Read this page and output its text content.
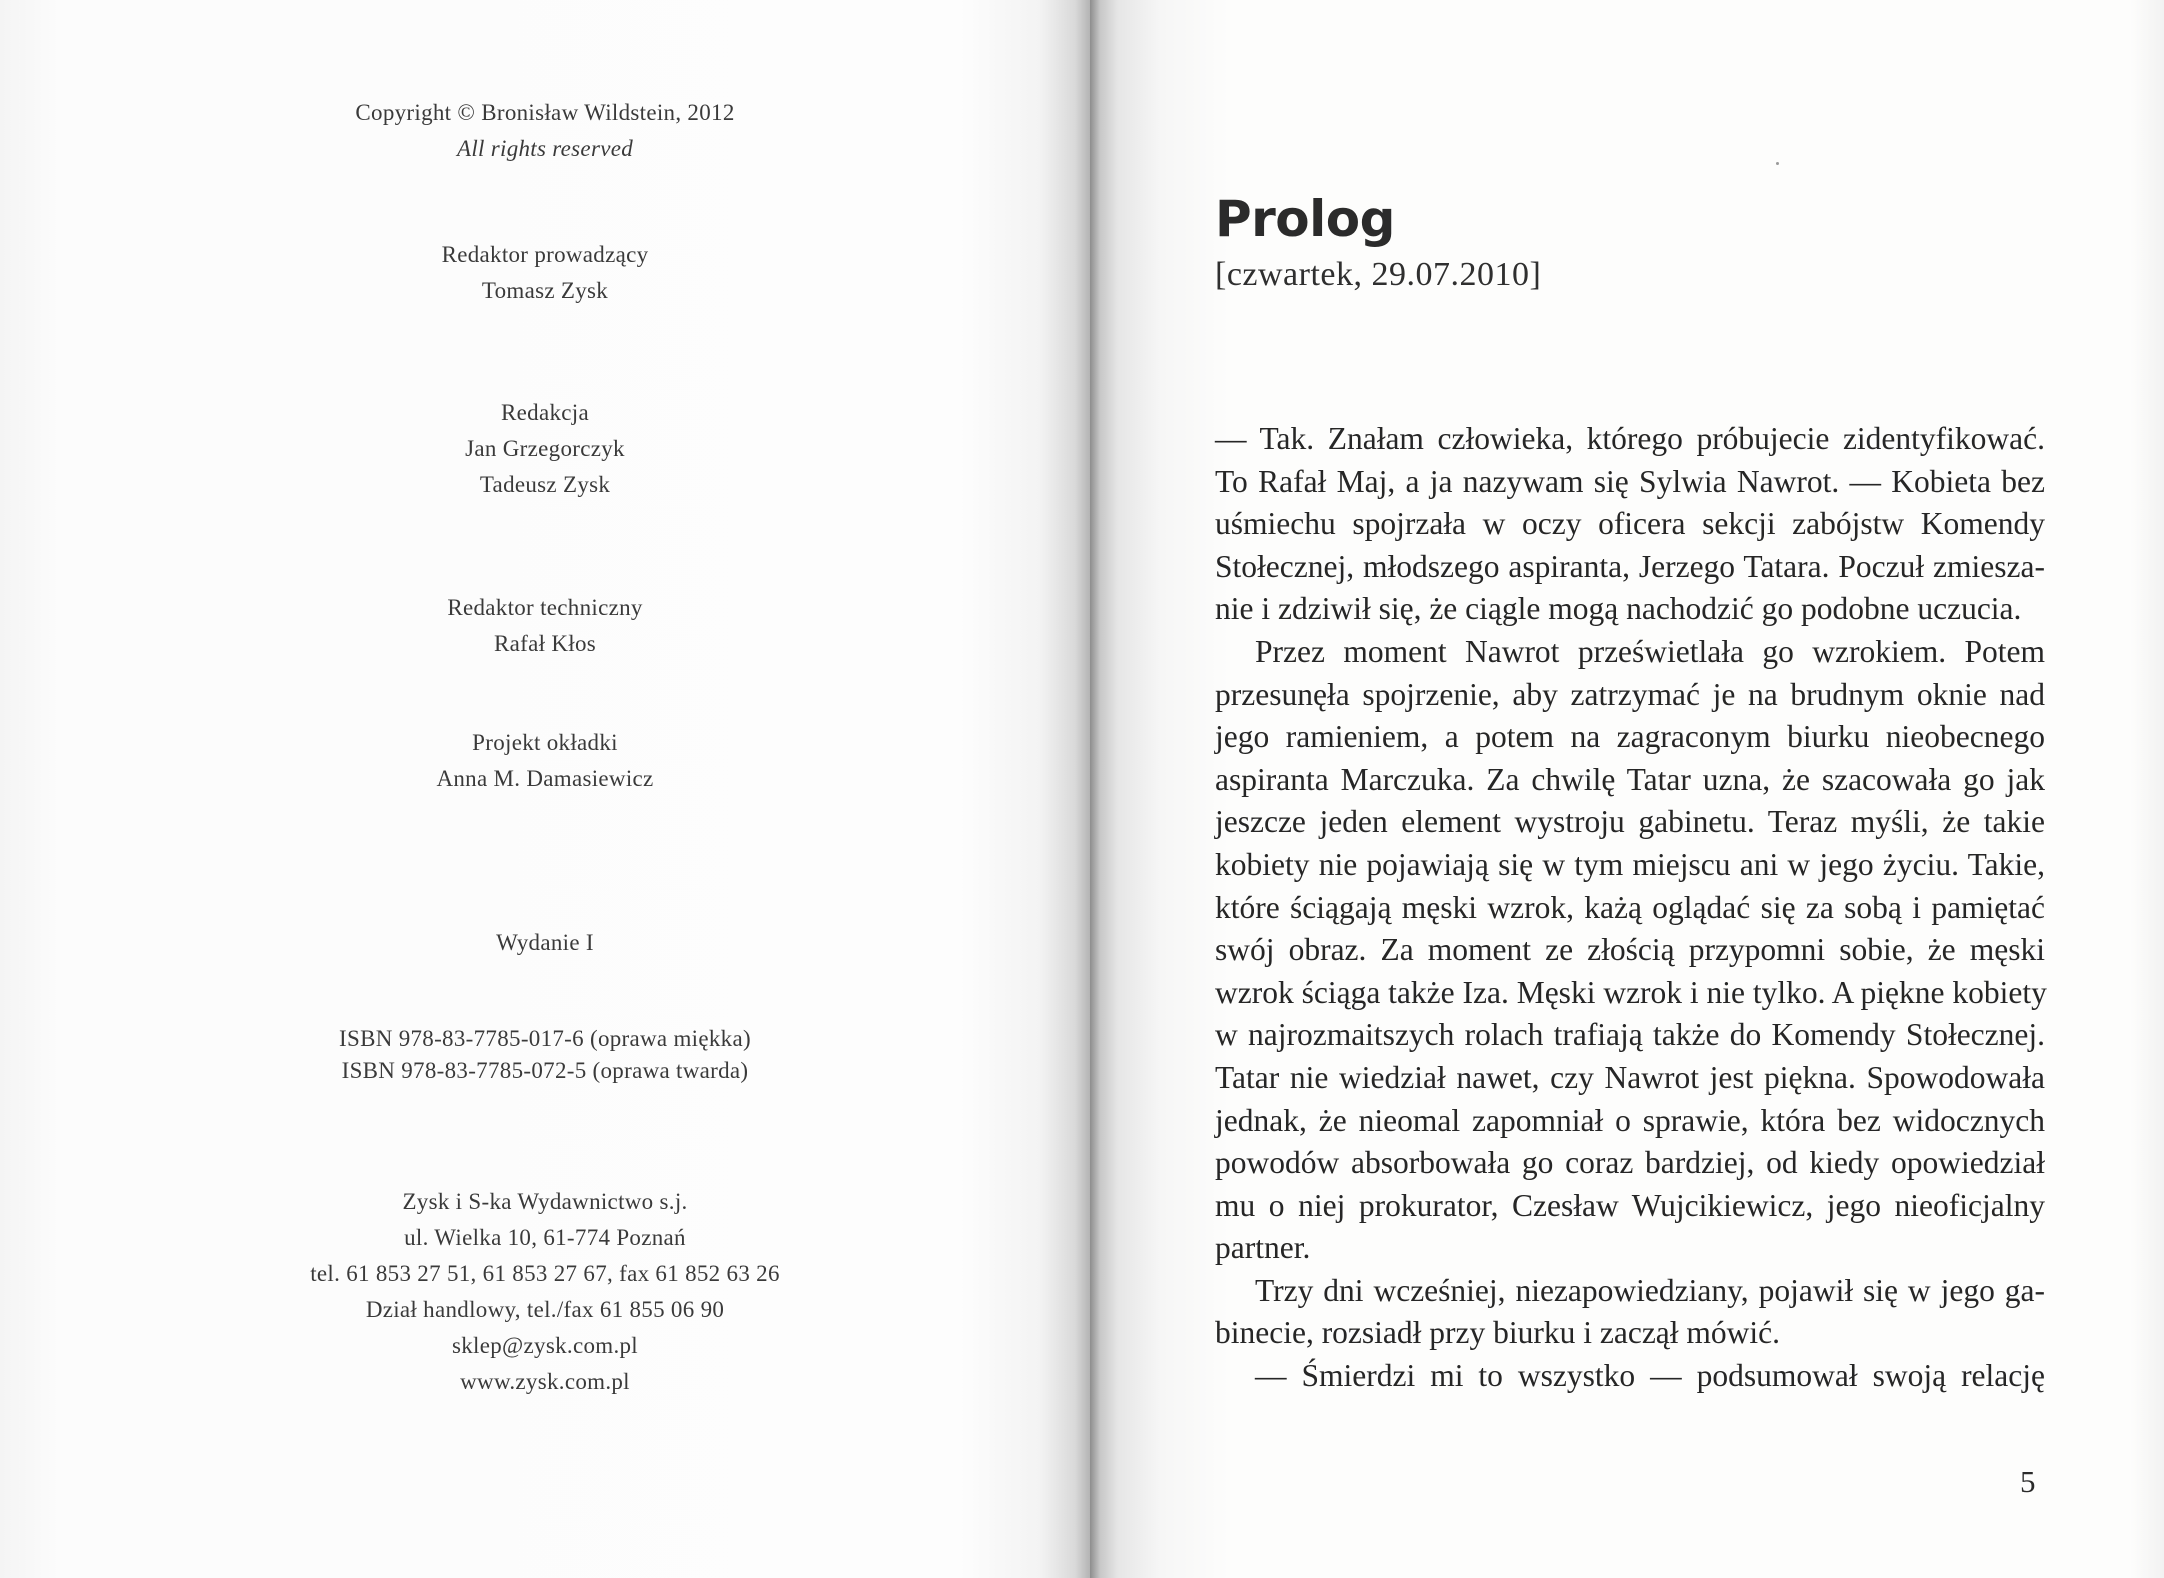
Copyright © Bronisław Wildstein, 2012
All rights reserved
Redaktor prowadzący
Tomasz Zysk
Redakcja
Jan Grzegorczyk
Tadeusz Zysk
Redaktor techniczny
Rafał Kłos
Projekt okładki
Anna M. Damasiewicz
Wydanie I
ISBN 978-83-7785-017-6 (oprawa miękka)
ISBN 978-83-7785-072-5 (oprawa twarda)
Zysk i S-ka Wydawnictwo s.j.
ul. Wielka 10, 61-774 Poznań
tel. 61 853 27 51, 61 853 27 67, fax 61 852 63 26
Dział handlowy, tel./fax 61 855 06 90
sklep@zysk.com.pl
www.zysk.com.pl
Prolog
[czwartek, 29.07.2010]
— Tak. Znałam człowieka, którego próbujecie zidentyfikować.
To Rafał Maj, a ja nazywam się Sylwia Nawrot. — Kobieta bez
uśmiechu spojrzała w oczy oficera sekcji zabójstw Komendy
Stołecznej, młodszego aspiranta, Jerzego Tatara. Poczuł zmiesza-
nie i zdziwił się, że ciągle mogą nachodzić go podobne uczucia.
Przez moment Nawrot prześwietlała go wzrokiem. Potem
przesunęła spojrzenie, aby zatrzymać je na brudnym oknie nad
jego ramieniem, a potem na zagraconym biurku nieobecnego
aspiranta Marczuka. Za chwilę Tatar uzna, że szacowała go jak
jeszcze jeden element wystroju gabinetu. Teraz myśli, że takie
kobiety nie pojawiają się w tym miejscu ani w jego życiu. Takie,
które ściągają męski wzrok, każą oglądać się za sobą i pamiętać
swój obraz. Za moment ze złością przypomni sobie, że męski
wzrok ściąga także Iza. Męski wzrok i nie tylko. A piękne kobiety
w najrozmaitszych rolach trafiają także do Komendy Stołecznej.
Tatar nie wiedział nawet, czy Nawrot jest piękna. Spowodowała
jednak, że nieomal zapomniał o sprawie, która bez widocznych
powodów absorbowała go coraz bardziej, od kiedy opowiedział
mu o niej prokurator, Czesław Wujcikiewicz, jego nieoficjalny
partner.
Trzy dni wcześniej, niezapowiedziany, pojawił się w jego ga-
binecie, rozsiadł przy biurku i zaczął mówić.
— Śmierdzi mi to wszystko — podsumował swoją relację
5
